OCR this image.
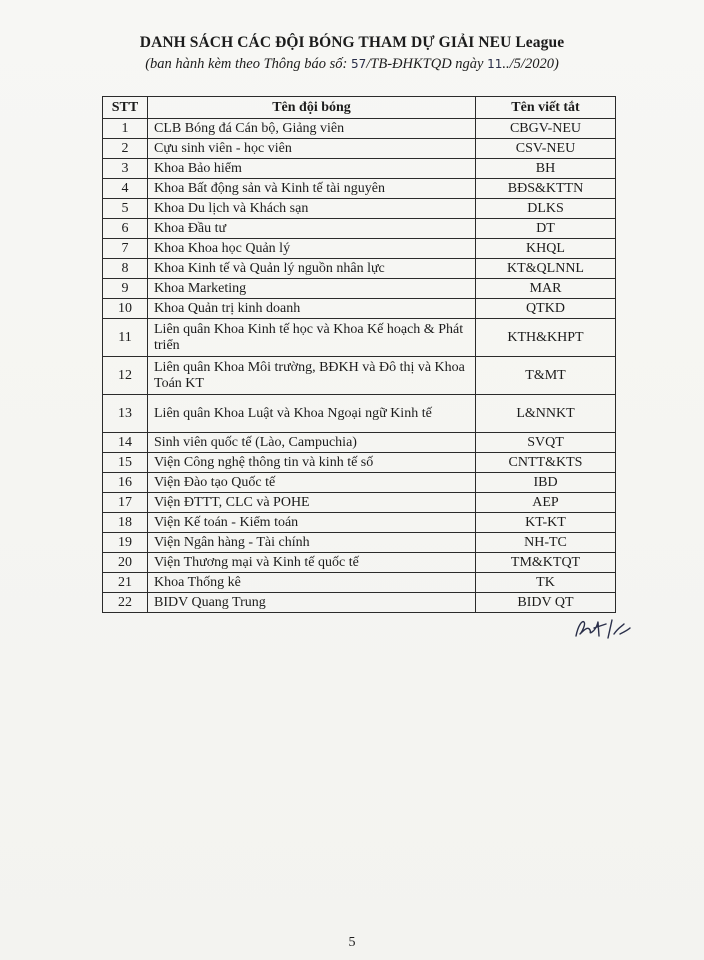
DANH SÁCH CÁC ĐỘI BÓNG THAM DỰ GIẢI NEU League
(ban hành kèm theo Thông báo số: 57/TB-ĐHKTQD ngày 11../5/2020)
STT	Tên đội bóng	Tên viết tắt
1	CLB Bóng đá Cán bộ, Giảng viên	CBGV-NEU
2	Cựu sinh viên - học viên	CSV-NEU
3	Khoa Bảo hiểm	BH
4	Khoa Bất động sản và Kinh tế tài nguyên	BĐS&KTTN
5	Khoa Du lịch và Khách sạn	DLKS
6	Khoa Đầu tư	DT
7	Khoa Khoa học Quản lý	KHQL
8	Khoa Kinh tế và Quản lý nguồn nhân lực	KT&QLNNL
9	Khoa Marketing	MAR
10	Khoa Quản trị kinh doanh	QTKD
11	Liên quân Khoa Kinh tế học và Khoa Kế hoạch & Phát triển	KTH&KHPT
12	Liên quân Khoa Môi trường, BĐKH và Đô thị và Khoa Toán KT	T&MT
13	Liên quân Khoa Luật và Khoa Ngoại ngữ Kinh tế	L&NNKT
14	Sinh viên quốc tế (Lào, Campuchia)	SVQT
15	Viện Công nghệ thông tin và kinh tế số	CNTT&KTS
16	Viện Đào tạo Quốc tế	IBD
17	Viện ĐTTT, CLC và POHE	AEP
18	Viện Kế toán - Kiểm toán	KT-KT
19	Viện Ngân hàng - Tài chính	NH-TC
20	Viện Thương mại và Kinh tế quốc tế	TM&KTQT
21	Khoa Thống kê	TK
22	BIDV Quang Trung	BIDV QT
5
